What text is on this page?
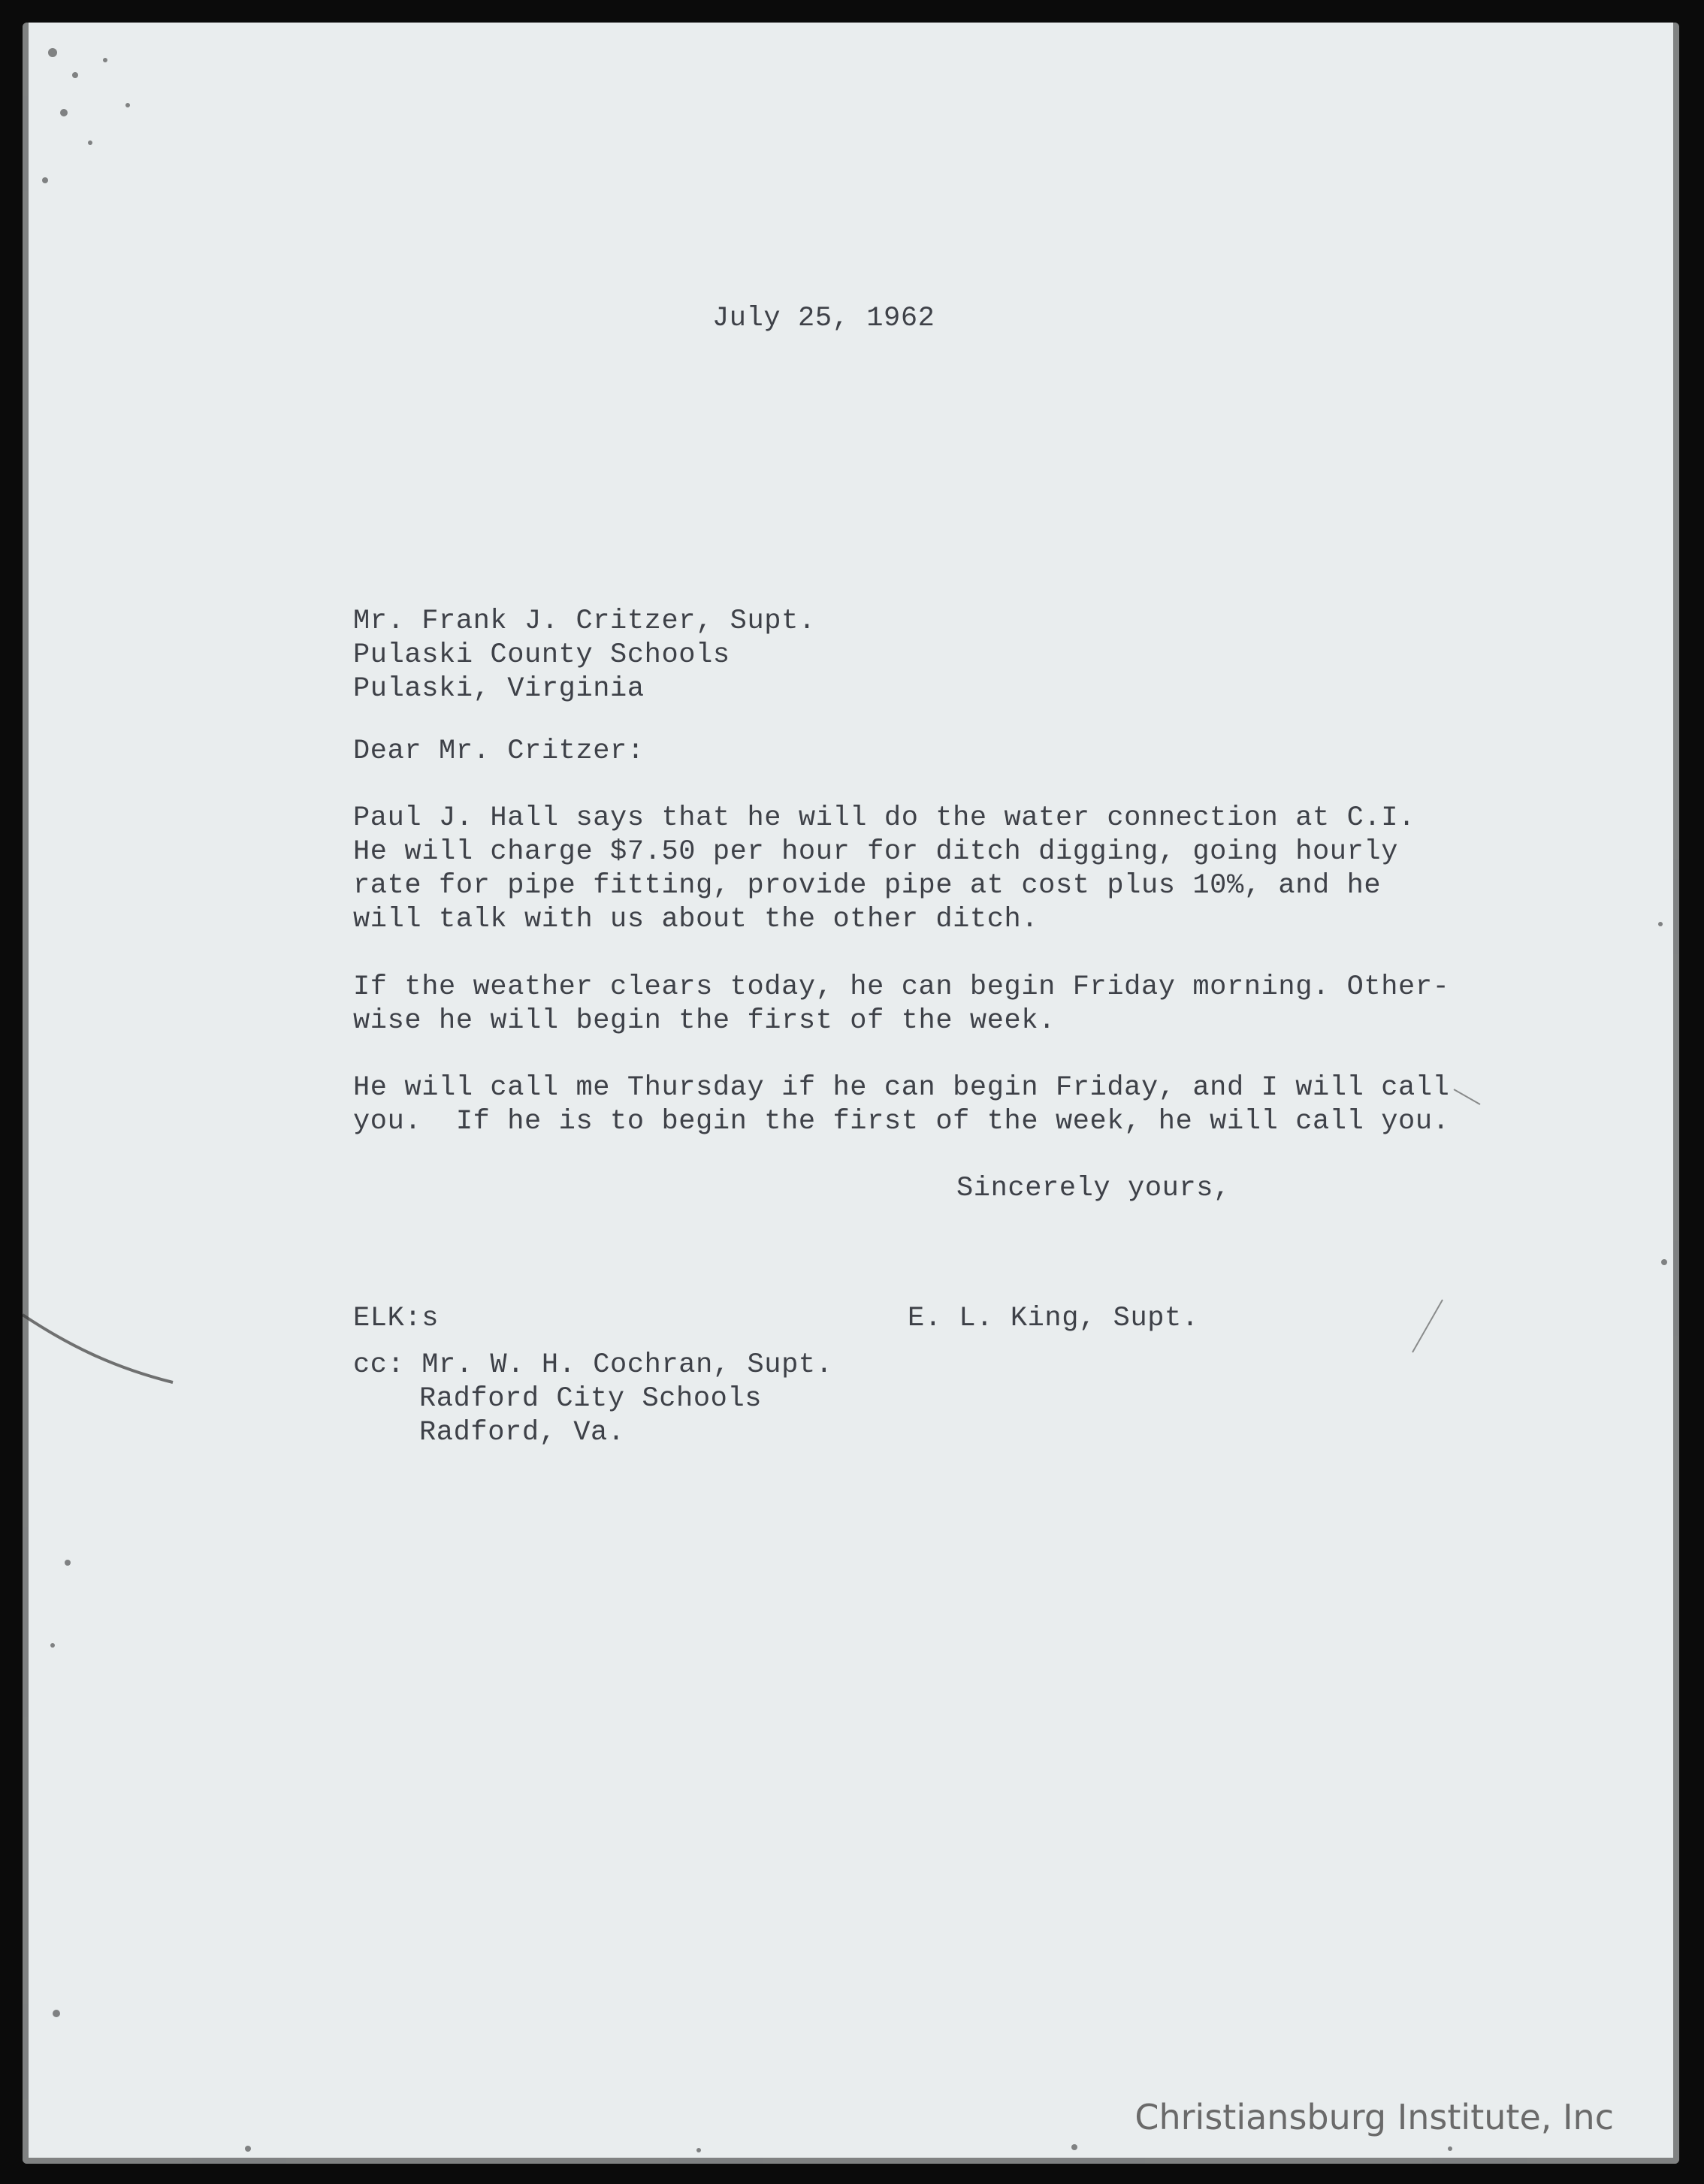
July 25, 1962

Mr. Frank J. Critzer, Supt.

Pulaski County Schools

Pulaski, Virginia

Dear Mr. Critzer:

Paul J. Hall says that he will do the water connection at C.I.

He will charge $7.50 per hour for ditch digging, going hourly

rate for pipe fitting, provide pipe at cost plus 10%, and he

will talk with us about the other ditch.

If the weather clears today, he can begin Friday morning. Other-

wise he will begin the first of the week.

He will call me Thursday if he can begin Friday, and I will call

you.  If he is to begin the first of the week, he will call you.

Sincerely yours,

ELK:s	E. L. King, Supt.

cc: Mr. W. H. Cochran, Supt.

Radford City Schools

Radford, Va.

Christiansburg Institute, Inc
